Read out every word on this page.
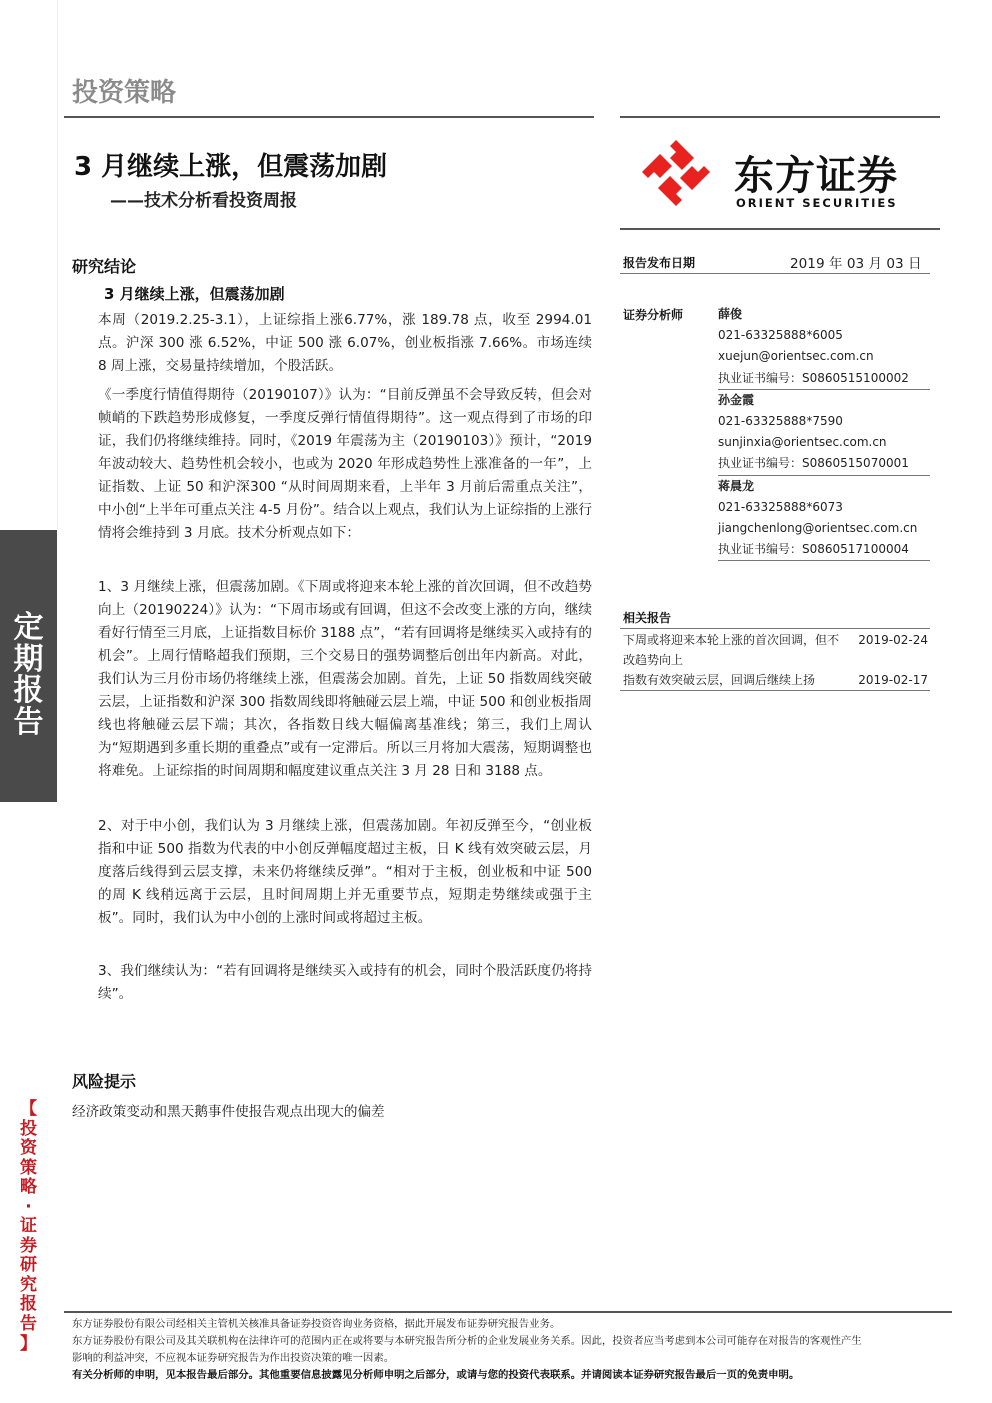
定
期
报
告
【
投
资
策
略
·
证
券
研
究
报
告
】
投资策略
3 月继续上涨，但震荡加剧
——技术分析看投资周报
东方证券
ORIENT SECURITIES
研究结论
3 月继续上涨，但震荡加剧

本周（2019.2.25-3.1），上证综指上涨6.77%，涨 189.78 点，收至 2994.01 点。沪深 300 涨 6.52%，中证 500 涨 6.07%，创业板指涨 7.66%。市场连续 8 周上涨，交易量持续增加，个股活跃。

《一季度行情值得期待（20190107）》认为：“目前反弹虽不会导致反转，但会对帧峭的下跌趋势形成修复，一季度反弹行情值得期待”。这一观点得到了市场的印证，我们仍将继续维持。同时，《2019 年震荡为主（20190103）》预计，“2019 年波动较大、趋势性机会较小，也或为 2020 年形成趋势性上涨准备的一年”，上证指数、上证 50 和沪深300 “从时间周期来看，上半年 3 月前后需重点关注”，中小创“上半年可重点关注 4-5 月份”。结合以上观点，我们认为上证综指的上涨行情将会维持到 3 月底。技术分析观点如下：

1、3 月继续上涨，但震荡加剧。《下周或将迎来本轮上涨的首次回调，但不改趋势向上（20190224）》认为：“下周市场或有回调，但这不会改变上涨的方向，继续看好行情至三月底，上证指数目标价 3188 点”，“若有回调将是继续买入或持有的机会”。上周行情略超我们预期，三个交易日的强势调整后创出年内新高。对此，我们认为三月份市场仍将继续上涨，但震荡会加剧。首先，上证 50 指数周线突破云层，上证指数和沪深 300 指数周线即将触碰云层上端，中证 500 和创业板指周线也将触碰云层下端；其次，各指数日线大幅偏离基准线；第三，我们上周认为“短期遇到多重长期的重叠点”或有一定滞后。所以三月将加大震荡，短期调整也将难免。上证综指的时间周期和幅度建议重点关注 3 月 28 日和 3188 点。

2、对于中小创，我们认为 3 月继续上涨，但震荡加剧。年初反弹至今，“创业板指和中证 500 指数为代表的中小创反弹幅度超过主板，日 K 线有效突破云层，月度落后线得到云层支撑，未来仍将继续反弹”。“相对于主板，创业板和中证 500 的周 K 线稍远离于云层，且时间周期上并无重要节点，短期走势继续或强于主板”。同时，我们认为中小创的上涨时间或将超过主板。

3、我们继续认为：“若有回调将是继续买入或持有的机会，同时个股活跃度仍将持续”。

风险提示
经济政策变动和黑天鹅事件使报告观点出现大的偏差
报告发布日期	2019 年 03 月 03 日
证券分析师	薛俊
021-63325888*6005
xuejun@orientsec.com.cn
执业证书编号：S0860515100002
孙金霞
021-63325888*7590
sunjinxia@orientsec.com.cn
执业证书编号：S0860515070001
蒋晨龙
021-63325888*6073
jiangchenlong@orientsec.com.cn
执业证书编号：S0860517100004
相关报告
下周或将迎来本轮上涨的首次回调，但不
改趋势向上
2019-02-24
指数有效突破云层，回调后继续上扬	2019-02-17
东方证券股份有限公司经相关主管机关核准具备证券投资咨询业务资格，据此开展发布证券研究报告业务。
东方证券股份有限公司及其关联机构在法律许可的范围内正在或将要与本研究报告所分析的企业发展业务关系。因此，投资者应当考虑到本公司可能存在对报告的客观性产生
影响的利益冲突，不应视本证券研究报告为作出投资决策的唯一因素。
有关分析师的申明，见本报告最后部分。其他重要信息披露见分析师申明之后部分，或请与您的投资代表联系。并请阅读本证券研究报告最后一页的免责申明。
